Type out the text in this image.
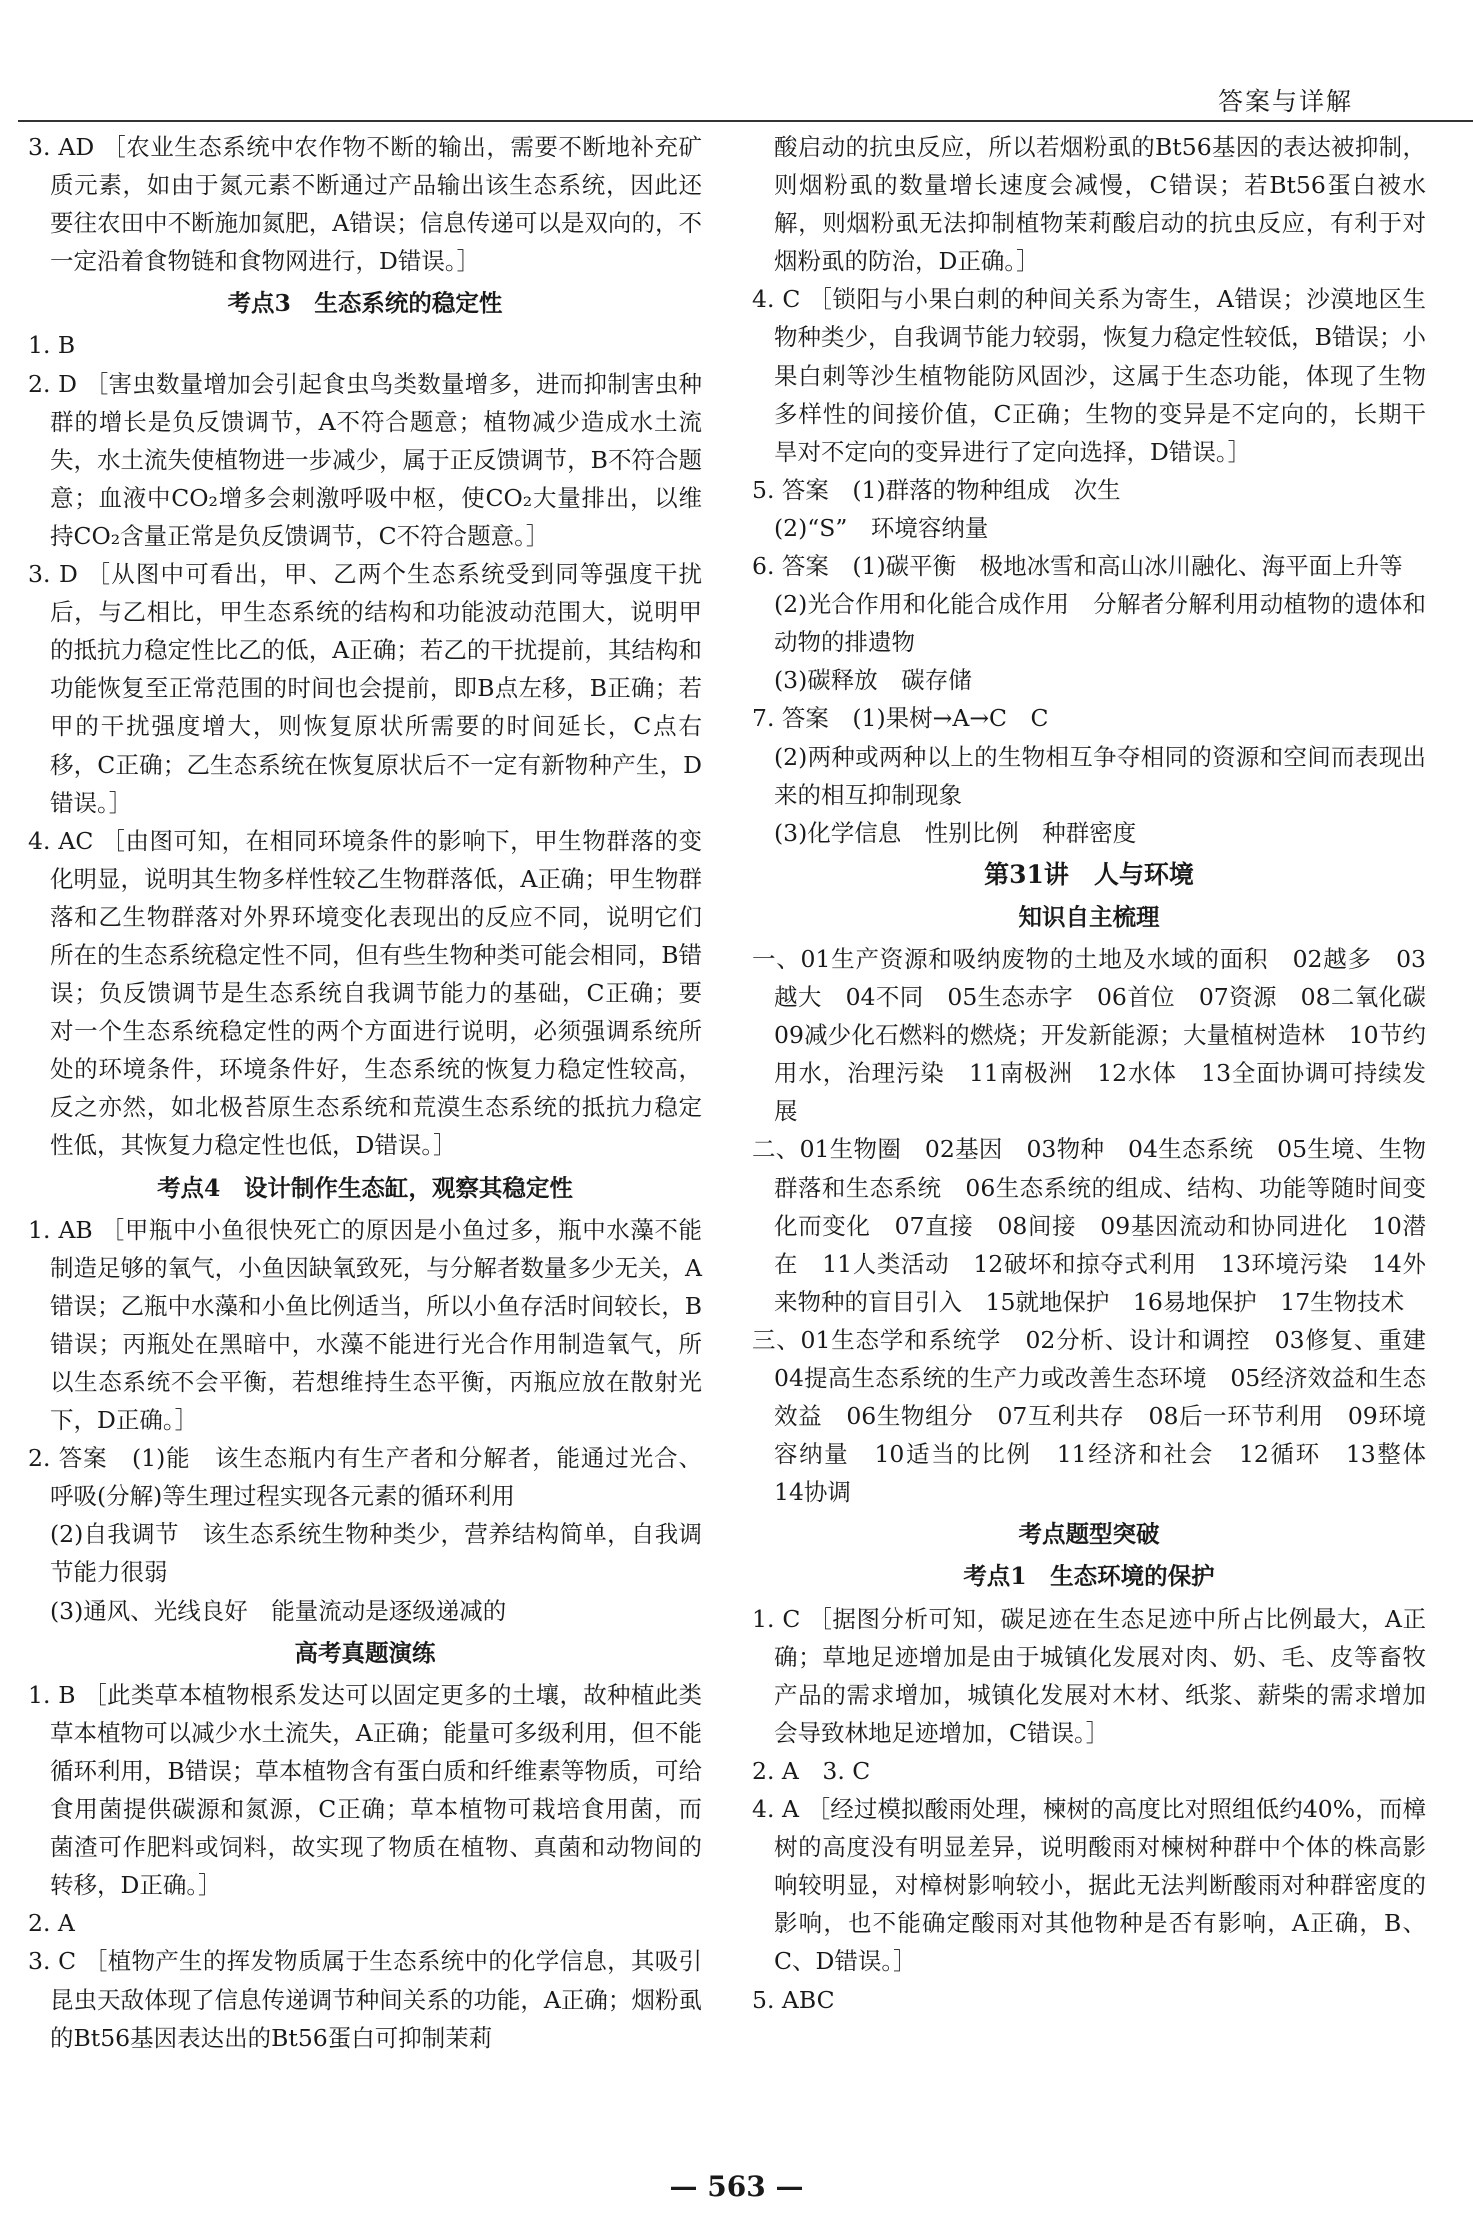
答案与详解

3. AD ［农业生态系统中农作物不断的输出，需要不断地补充矿质元素，如由于氮元素不断通过产品输出该生态系统，因此还要往农田中不断施加氮肥，A错误；信息传递可以是双向的，不一定沿着食物链和食物网进行，D错误。］

考点3　生态系统的稳定性

1. B

2. D ［害虫数量增加会引起食虫鸟类数量增多，进而抑制害虫种群的增长是负反馈调节，A不符合题意；植物减少造成水土流失，水土流失使植物进一步减少，属于正反馈调节，B不符合题意；血液中CO₂增多会刺激呼吸中枢，使CO₂大量排出，以维持CO₂含量正常是负反馈调节，C不符合题意。］

3. D ［从图中可看出，甲、乙两个生态系统受到同等强度干扰后，与乙相比，甲生态系统的结构和功能波动范围大，说明甲的抵抗力稳定性比乙的低，A正确；若乙的干扰提前，其结构和功能恢复至正常范围的时间也会提前，即B点左移，B正确；若甲的干扰强度增大，则恢复原状所需要的时间延长，C点右移，C正确；乙生态系统在恢复原状后不一定有新物种产生，D错误。］

4. AC ［由图可知，在相同环境条件的影响下，甲生物群落的变化明显，说明其生物多样性较乙生物群落低，A正确；甲生物群落和乙生物群落对外界环境变化表现出的反应不同，说明它们所在的生态系统稳定性不同，但有些生物种类可能会相同，B错误；负反馈调节是生态系统自我调节能力的基础，C正确；要对一个生态系统稳定性的两个方面进行说明，必须强调系统所处的环境条件，环境条件好，生态系统的恢复力稳定性较高，反之亦然，如北极苔原生态系统和荒漠生态系统的抵抗力稳定性低，其恢复力稳定性也低，D错误。］

考点4　设计制作生态缸，观察其稳定性

1. AB ［甲瓶中小鱼很快死亡的原因是小鱼过多，瓶中水藻不能制造足够的氧气，小鱼因缺氧致死，与分解者数量多少无关，A错误；乙瓶中水藻和小鱼比例适当，所以小鱼存活时间较长，B错误；丙瓶处在黑暗中，水藻不能进行光合作用制造氧气，所以生态系统不会平衡，若想维持生态平衡，丙瓶应放在散射光下，D正确。］

2. 答案　(1)能　该生态瓶内有生产者和分解者，能通过光合、呼吸(分解)等生理过程实现各元素的循环利用

(2)自我调节　该生态系统生物种类少，营养结构简单，自我调节能力很弱

(3)通风、光线良好　能量流动是逐级递减的

高考真题演练

1. B ［此类草本植物根系发达可以固定更多的土壤，故种植此类草本植物可以减少水土流失，A正确；能量可多级利用，但不能循环利用，B错误；草本植物含有蛋白质和纤维素等物质，可给食用菌提供碳源和氮源，C正确；草本植物可栽培食用菌，而菌渣可作肥料或饲料，故实现了物质在植物、真菌和动物间的转移，D正确。］

2. A

3. C ［植物产生的挥发物质属于生态系统中的化学信息，其吸引昆虫天敌体现了信息传递调节种间关系的功能，A正确；烟粉虱的Bt56基因表达出的Bt56蛋白可抑制茉莉

酸启动的抗虫反应，所以若烟粉虱的Bt56基因的表达被抑制，则烟粉虱的数量增长速度会减慢，C错误；若Bt56蛋白被水解，则烟粉虱无法抑制植物茉莉酸启动的抗虫反应，有利于对烟粉虱的防治，D正确。］

4. C ［锁阳与小果白刺的种间关系为寄生，A错误；沙漠地区生物种类少，自我调节能力较弱，恢复力稳定性较低，B错误；小果白刺等沙生植物能防风固沙，这属于生态功能，体现了生物多样性的间接价值，C正确；生物的变异是不定向的，长期干旱对不定向的变异进行了定向选择，D错误。］

5. 答案　(1)群落的物种组成　次生

(2)“S”　环境容纳量

6. 答案　(1)碳平衡　极地冰雪和高山冰川融化、海平面上升等

(2)光合作用和化能合成作用　分解者分解利用动植物的遗体和动物的排遗物

(3)碳释放　碳存储

7. 答案　(1)果树→A→C　C

(2)两种或两种以上的生物相互争夺相同的资源和空间而表现出来的相互抑制现象

(3)化学信息　性别比例　种群密度

第31讲　人与环境

知识自主梳理

一、01生产资源和吸纳废物的土地及水域的面积　02越多　03越大　04不同　05生态赤字　06首位　07资源　08二氧化碳　09减少化石燃料的燃烧；开发新能源；大量植树造林　10节约用水，治理污染　11南极洲　12水体　13全面协调可持续发展

二、01生物圈　02基因　03物种　04生态系统　05生境、生物群落和生态系统　06生态系统的组成、结构、功能等随时间变化而变化　07直接　08间接　09基因流动和协同进化　10潜在　11人类活动　12破坏和掠夺式利用　13环境污染　14外来物种的盲目引入　15就地保护　16易地保护　17生物技术

三、01生态学和系统学　02分析、设计和调控　03修复、重建　04提高生态系统的生产力或改善生态环境　05经济效益和生态效益　06生物组分　07互利共存　08后一环节利用　09环境容纳量　10适当的比例　11经济和社会　12循环　13整体　14协调

考点题型突破

考点1　生态环境的保护

1. C ［据图分析可知，碳足迹在生态足迹中所占比例最大，A正确；草地足迹增加是由于城镇化发展对肉、奶、毛、皮等畜牧产品的需求增加，城镇化发展对木材、纸浆、薪柴的需求增加会导致林地足迹增加，C错误。］

2. A　3. C

4. A ［经过模拟酸雨处理，楝树的高度比对照组低约40%，而樟树的高度没有明显差异，说明酸雨对楝树种群中个体的株高影响较明显，对樟树影响较小，据此无法判断酸雨对种群密度的影响，也不能确定酸雨对其他物种是否有影响，A正确，B、C、D错误。］

5. ABC

— 563 —
